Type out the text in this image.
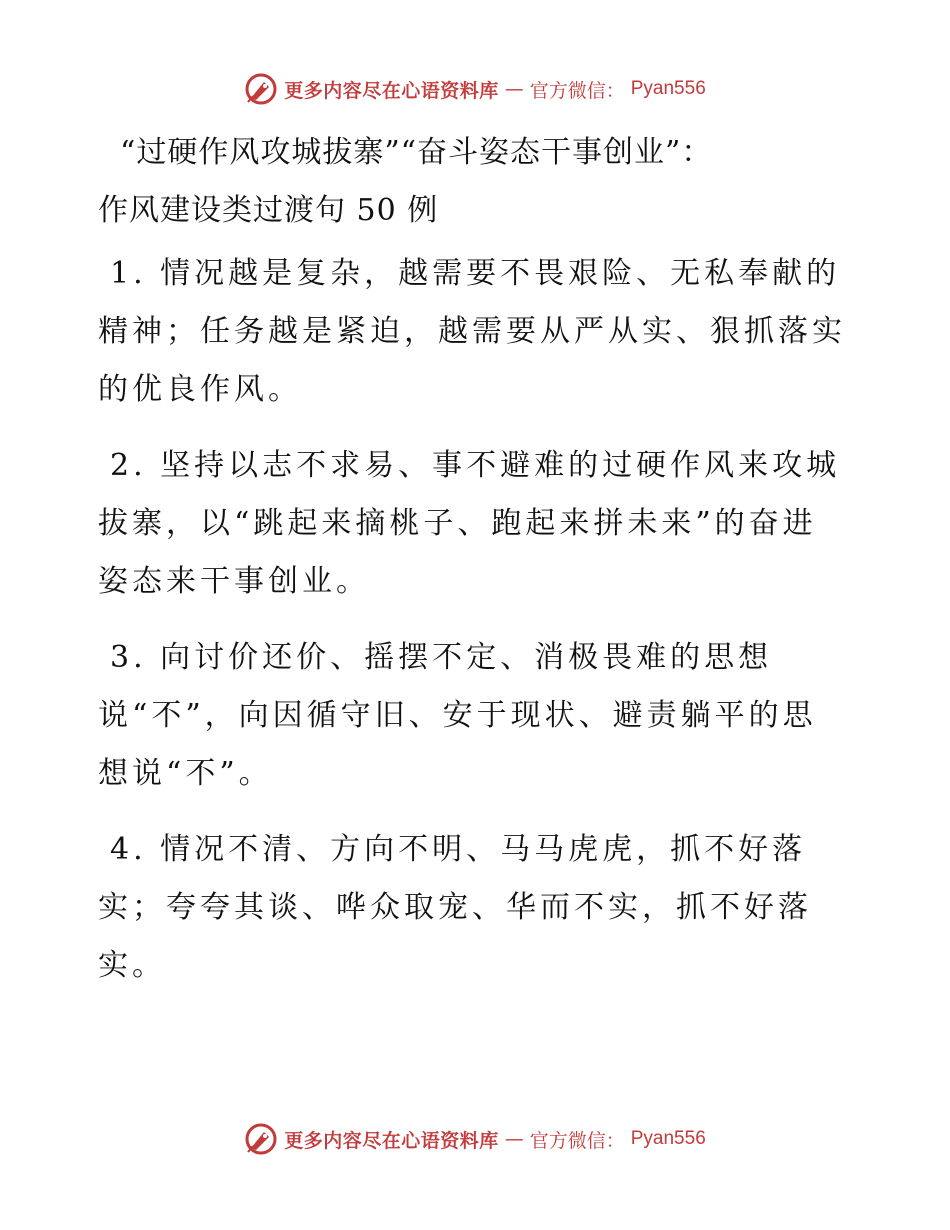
更多内容尽在心语资料库 — 官方微信： Pyan556
“过硬作风攻城拔寨”“奋斗姿态干事创业”：
作风建设类过渡句 50 例
1. 情况越是复杂，越需要不畏艰险、无私奉献的
精神；任务越是紧迫，越需要从严从实、狠抓落实
的优良作风。
2. 坚持以志不求易、事不避难的过硬作风来攻城
拔寨，以“跳起来摘桃子、跑起来拼未来”的奋进
姿态来干事创业。
3. 向讨价还价、摇摆不定、消极畏难的思想
说“不”，向因循守旧、安于现状、避责躺平的思
想说“不”。
4. 情况不清、方向不明、马马虎虎，抓不好落
实；夸夸其谈、哗众取宠、华而不实，抓不好落
实。
更多内容尽在心语资料库 — 官方微信： Pyan556
